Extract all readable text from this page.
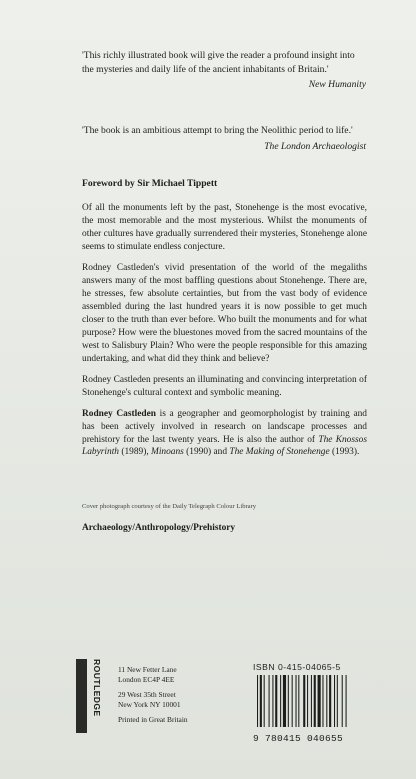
'This richly illustrated book will give the reader a profound insight into the mysteries and daily life of the ancient inhabitants of Britain.'
New Humanity
'The book is an ambitious attempt to bring the Neolithic period to life.'
The London Archaeologist
Foreword by Sir Michael Tippett

Of all the monuments left by the past, Stonehenge is the most evocative, the most memorable and the most mysterious. Whilst the monuments of other cultures have gradually surrendered their mysteries, Stonehenge alone seems to stimulate endless conjecture.

Rodney Castleden's vivid presentation of the world of the megaliths answers many of the most baffling questions about Stonehenge. There are, he stresses, few absolute certainties, but from the vast body of evidence assembled during the last hundred years it is now possible to get much closer to the truth than ever before. Who built the monuments and for what purpose? How were the bluestones moved from the sacred mountains of the west to Salisbury Plain? Who were the people responsible for this amazing undertaking, and what did they think and believe?

Rodney Castleden presents an illuminating and convincing interpretation of Stonehenge's cultural context and symbolic meaning.

Rodney Castleden is a geographer and geomorphologist by training and has been actively involved in research on landscape processes and prehistory for the last twenty years. He is also the author of The Knossos Labyrinth (1989), Minoans (1990) and The Making of Stonehenge (1993).

Cover photograph courtesy of the Daily Telegraph Colour Library
Archaeology/Anthropology/Prehistory
ROUTLEDGE 11 New Fetter Lane
London EC4P 4EE
29 West 35th Street
New York NY 10001
Printed in Great Britain
ISBN 0-415-04065-5
9 780415 040655
